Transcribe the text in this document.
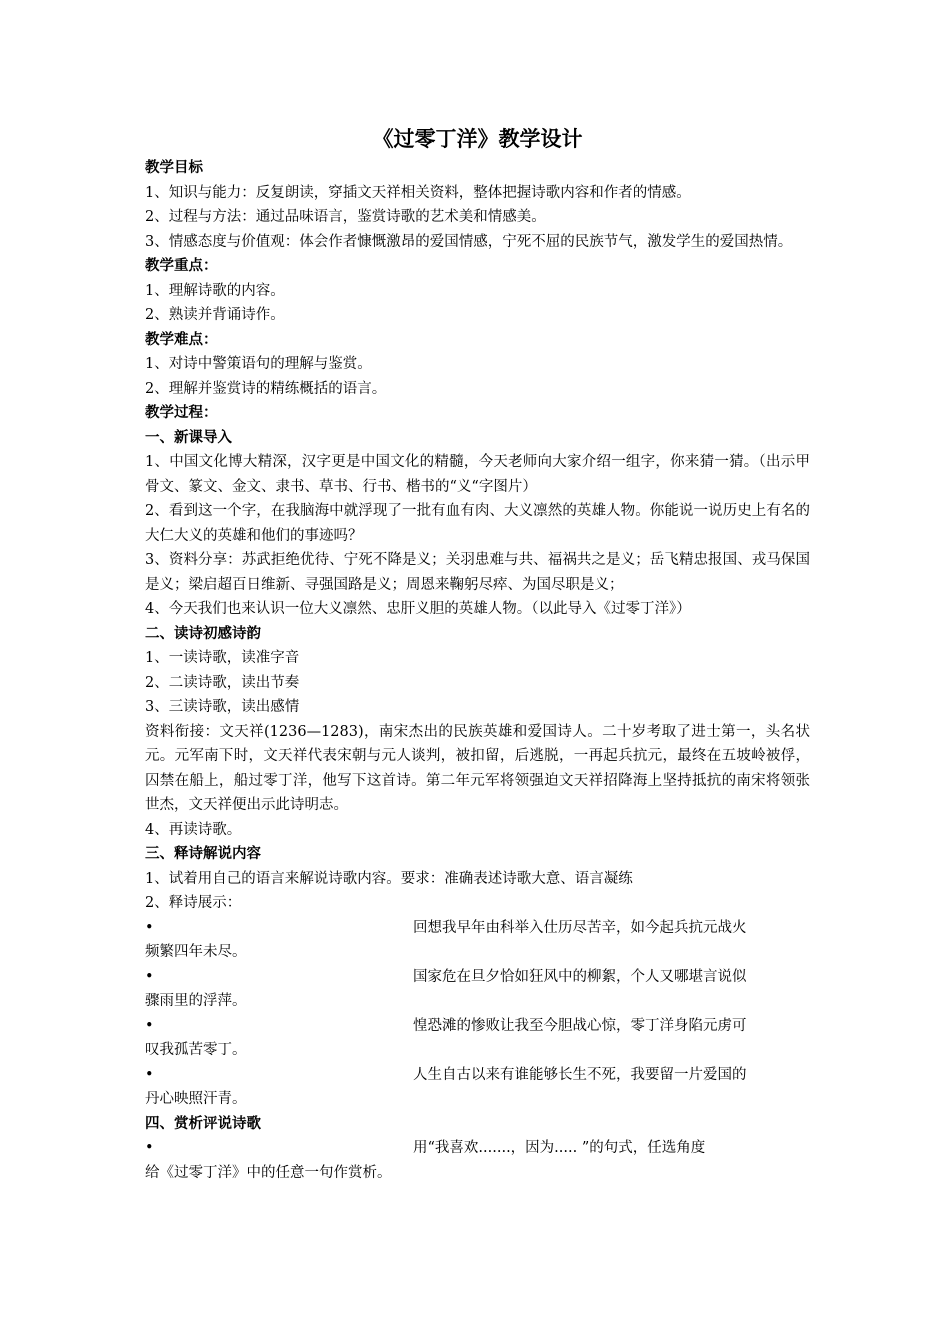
《过零丁洋》教学设计
教学目标
1、知识与能力：反复朗读，穿插文天祥相关资料，整体把握诗歌内容和作者的情感。
2、过程与方法：通过品味语言，鉴赏诗歌的艺术美和情感美。
3、情感态度与价值观：体会作者慷慨激昂的爱国情感，宁死不屈的民族节气，激发学生的爱国热情。
教学重点：
1、理解诗歌的内容。
2、熟读并背诵诗作。
教学难点：
1、对诗中警策语句的理解与鉴赏。
2、理解并鉴赏诗的精练概括的语言。
教学过程：
一、新课导入
1、中国文化博大精深，汉字更是中国文化的精髓，今天老师向大家介绍一组字，你来猜一猜。（出示甲骨文、篆文、金文、隶书、草书、行书、楷书的“义“字图片）
2、看到这一个字，在我脑海中就浮现了一批有血有肉、大义凛然的英雄人物。你能说一说历史上有名的大仁大义的英雄和他们的事迹吗？
3、资料分享：苏武拒绝优待、宁死不降是义；关羽患难与共、福祸共之是义；岳飞精忠报国、戎马保国是义；梁启超百日维新、寻强国路是义；周恩来鞠躬尽瘁、为国尽职是义；
4、今天我们也来认识一位大义凛然、忠肝义胆的英雄人物。（以此导入《过零丁洋》）
二、读诗初感诗韵
1、一读诗歌，读准字音
2、二读诗歌，读出节奏
3、三读诗歌，读出感情
资料衔接：文天祥(1236—1283)，南宋杰出的民族英雄和爱国诗人。二十岁考取了进士第一，头名状元。元军南下时，文天祥代表宋朝与元人谈判，被扣留，后逃脱，一再起兵抗元，最终在五坡岭被俘，囚禁在船上，船过零丁洋，他写下这首诗。第二年元军将领强迫文天祥招降海上坚持抵抗的南宋将领张世杰，文天祥便出示此诗明志。
4、再读诗歌。
三、释诗解说内容
1、试着用自己的语言来解说诗歌内容。要求：准确表述诗歌大意、语言凝练
2、释诗展示：
•	回想我早年由科举入仕历尽苦辛，如今起兵抗元战火
频繁四年未尽。
•	国家危在旦夕恰如狂风中的柳絮，个人又哪堪言说似
骤雨里的浮萍。
•	惶恐滩的惨败让我至今胆战心惊，零丁洋身陷元虏可
叹我孤苦零丁。
•	人生自古以来有谁能够长生不死，我要留一片爱国的
丹心映照汗青。
四、赏析评说诗歌
•	用“我喜欢.......，因为..... ”的句式，任选角度
给《过零丁洋》中的任意一句作赏析。
